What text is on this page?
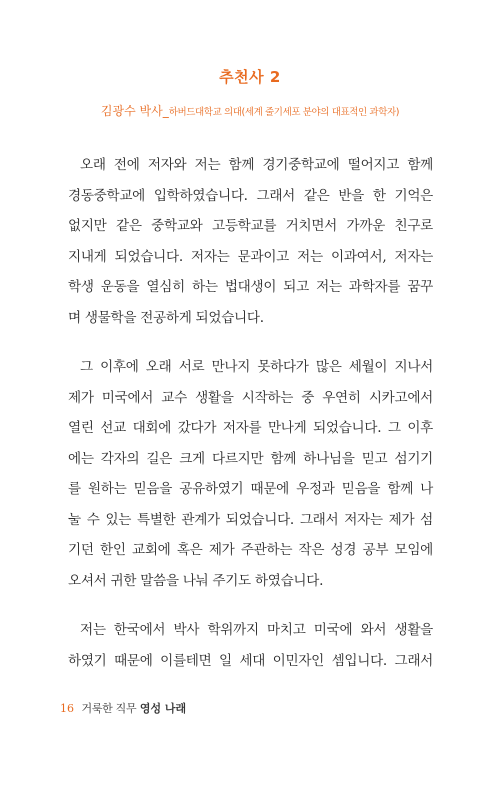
추천사 2
김광수 박사_하버드대학교 의대(세계 줄기세포 분야의 대표적인 과학자)
오래 전에 저자와 저는 함께 경기중학교에 떨어지고 함께
경동중학교에 입학하였습니다. 그래서 같은 반을 한 기억은
없지만 같은 중학교와 고등학교를 거치면서 가까운 친구로
지내게 되었습니다. 저자는 문과이고 저는 이과여서, 저자는
학생 운동을 열심히 하는 법대생이 되고 저는 과학자를 꿈꾸
며 생물학을 전공하게 되었습니다.
그 이후에 오래 서로 만나지 못하다가 많은 세월이 지나서
제가 미국에서 교수 생활을 시작하는 중 우연히 시카고에서
열린 선교 대회에 갔다가 저자를 만나게 되었습니다. 그 이후
에는 각자의 길은 크게 다르지만 함께 하나님을 믿고 섬기기
를 원하는 믿음을 공유하였기 때문에 우정과 믿음을 함께 나
눌 수 있는 특별한 관계가 되었습니다. 그래서 저자는 제가 섬
기던 한인 교회에 혹은 제가 주관하는 작은 성경 공부 모임에
오셔서 귀한 말씀을 나눠 주기도 하였습니다.
저는 한국에서 박사 학위까지 마치고 미국에 와서 생활을
하였기 때문에 이를테면 일 세대 이민자인 셈입니다. 그래서
16 거룩한 직무 영성 나래
